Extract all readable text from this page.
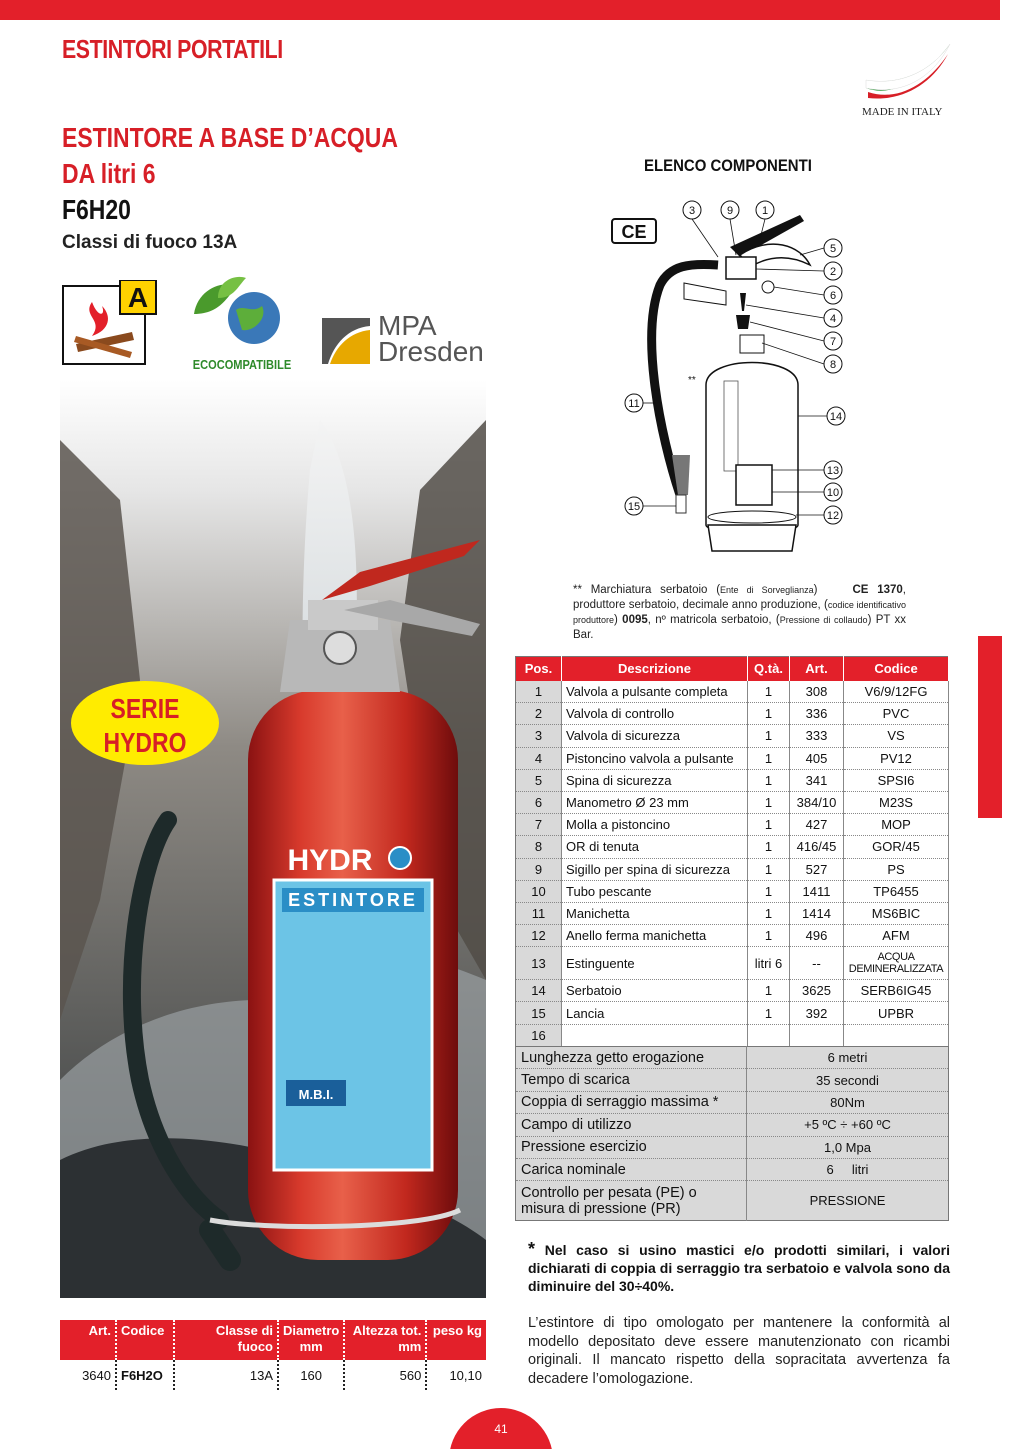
ESTINTORI PORTATILI
MADE IN ITALY
ESTINTORE A BASE D’ACQUA
DA litri 6
F6H20
Classi di fuoco 13A
A
ECOCOMPATIBILE
MPA
Dresden
ESTINTORE
HYDR
M.B.I.
SERIE
HYDRO
ELENCO COMPONENTI
CE
**
3	9	1
5
2
6
4
7
8
14
11
13
10
12
15
** Marchiatura serbatoio (Ente di Sorveglianza)	CE 1370, produttore serbatoio, decimale anno produzione, (codice identificativo produttore) 0095, nº matricola serbatoio, (Pressione di collaudo) PT xx Bar.
Pos.	Descrizione	Q.tà.	Art.	Codice
1	Valvola a pulsante completa	1	308	V6/9/12FG
2	Valvola di controllo	1	336	PVC
3	Valvola di sicurezza	1	333	VS
4	Pistoncino valvola a pulsante	1	405	PV12
5	Spina di sicurezza	1	341	SPSI6
6	Manometro Ø 23 mm	1	384/10	M23S
7	Molla a pistoncino	1	427	MOP
8	OR di tenuta	1	416/45	GOR/45
9	Sigillo per spina di sicurezza	1	527	PS
10	Tubo pescante	1	1411	TP6455
11	Manichetta	1	1414	MS6BIC
12	Anello ferma manichetta	1	496	AFM
13	Estinguente	litri 6	--	ACQUA DEMINERALIZZATA
14	Serbatoio	1	3625	SERB6IG45
15	Lancia	1	392	UPBR
16				
Lunghezza getto erogazione	6 metri
Tempo di scarica	35 secondi
Coppia di serraggio massima *	80Nm
Campo di utilizzo	+5 ºC ÷ +60 ºC
Pressione esercizio	1,0 Mpa
Carica nominale	6     litri
Controllo per pesata (PE) o misura di pressione (PR)	PRESSIONE
* Nel caso si usino mastici e/o prodotti similari, i valori dichiarati di coppia di serraggio tra serbatoio e valvola sono da diminuire del 30÷40%.
L’estintore di tipo omologato per mantenere la conformità al modello depositato deve essere manutenzionato con ricambi originali. Il mancato rispetto della sopracitata avvertenza fa decadere l’omologazione.
Art.	Codice	Classe di fuoco	Diametro mm	Altezza tot. mm	peso kg
3640	F6H2O	13A	160	560	10,10
41
